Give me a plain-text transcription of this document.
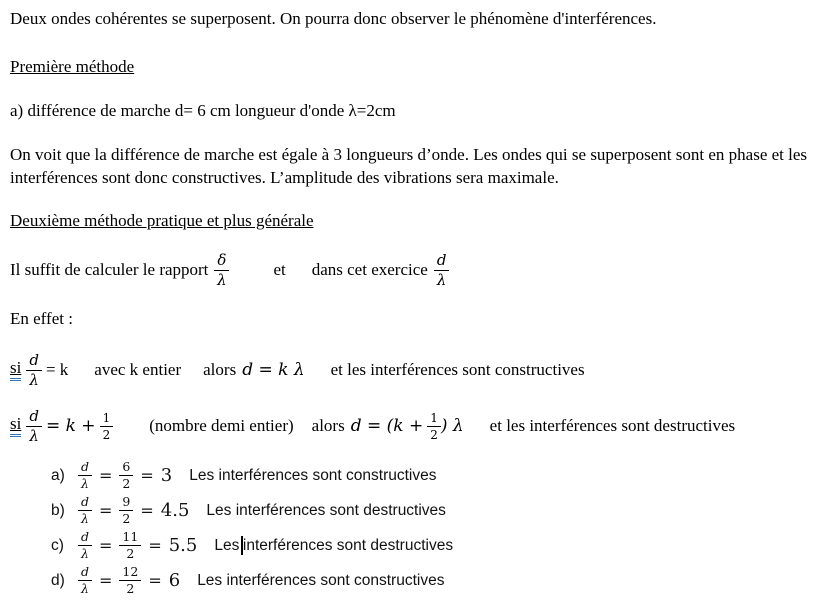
Deux ondes cohérentes se superposent. On pourra donc observer le phénomène d'interférences.

Première méthode

a) différence de marche d= 6 cm longueur d'onde λ=2cm

On voit que la différence de marche est égale à 3 longueurs d’onde. Les ondes qui se superposent sont en phase et les interférences sont donc constructives. L’amplitude des vibrations sera maximale.

Deuxième méthode pratique et plus générale
Il suffit de calculer le rapport $\frac{\delta}{\lambda}$	et dans cet exercice $\frac{d}{\lambda}$

En effet :

si $\frac{d}{\lambda} = k$ avec k entier alors d = k λ et les interférences sont constructives
si $\frac{d}{\lambda} = k + \frac{1}{2}$ (nombre demi entier) alors $d = (k + \frac{1}{2}$ ) λ et les interférences sont destructives
a)	$\frac{d}{\lambda} = \frac{6}{2} = 3$ Les interférences sont constructives
b)	$\frac{d}{\lambda} = \frac{9}{2} = 4.5$ Les interférences sont destructives
c)	$\frac{d}{\lambda} = \frac{11}{2} = 5.5$ Les interférences sont destructives
d)	$\frac{d}{\lambda} = \frac{12}{2} = 6$ Les interférences sont constructives
